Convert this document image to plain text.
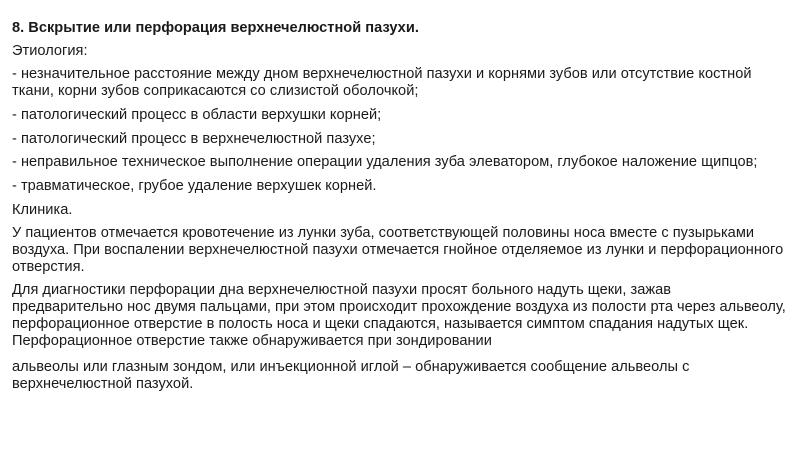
8. Вскрытие или перфорация верхнечелюстной пазухи.

Этиология:

- незначительное расстояние между дном верхнечелюстной пазухи и корнями зубов или отсутствие костной ткани, корни зубов соприкасаются со слизистой оболочкой;

- патологический процесс в области верхушки корней;

- патологический процесс в верхнечелюстной пазухе;

- неправильное техническое выполнение операции удаления зуба элеватором, глубокое наложение щипцов;

- травматическое, грубое удаление верхушек корней.

Клиника.

У пациентов отмечается кровотечение из лунки зуба, соответствующей половины носа вместе с пузырьками воздуха. При воспалении верхнечелюстной пазухи отмечается гнойное отделяемое из лунки и перфорационного отверстия.

Для диагностики перфорации дна верхнечелюстной пазухи просят больного надуть щеки, зажав предварительно нос двумя пальцами, при этом происходит прохождение воздуха из полости рта через альвеолу, перфорационное отверстие в полость носа и щеки спадаются, называется симптом спадания надутых щек. Перфорационное отверстие также обнаруживается при зондировании

альвеолы или глазным зондом, или инъекционной иглой – обнаруживается сообщение альвеолы с верхнечелюстной пазухой.
